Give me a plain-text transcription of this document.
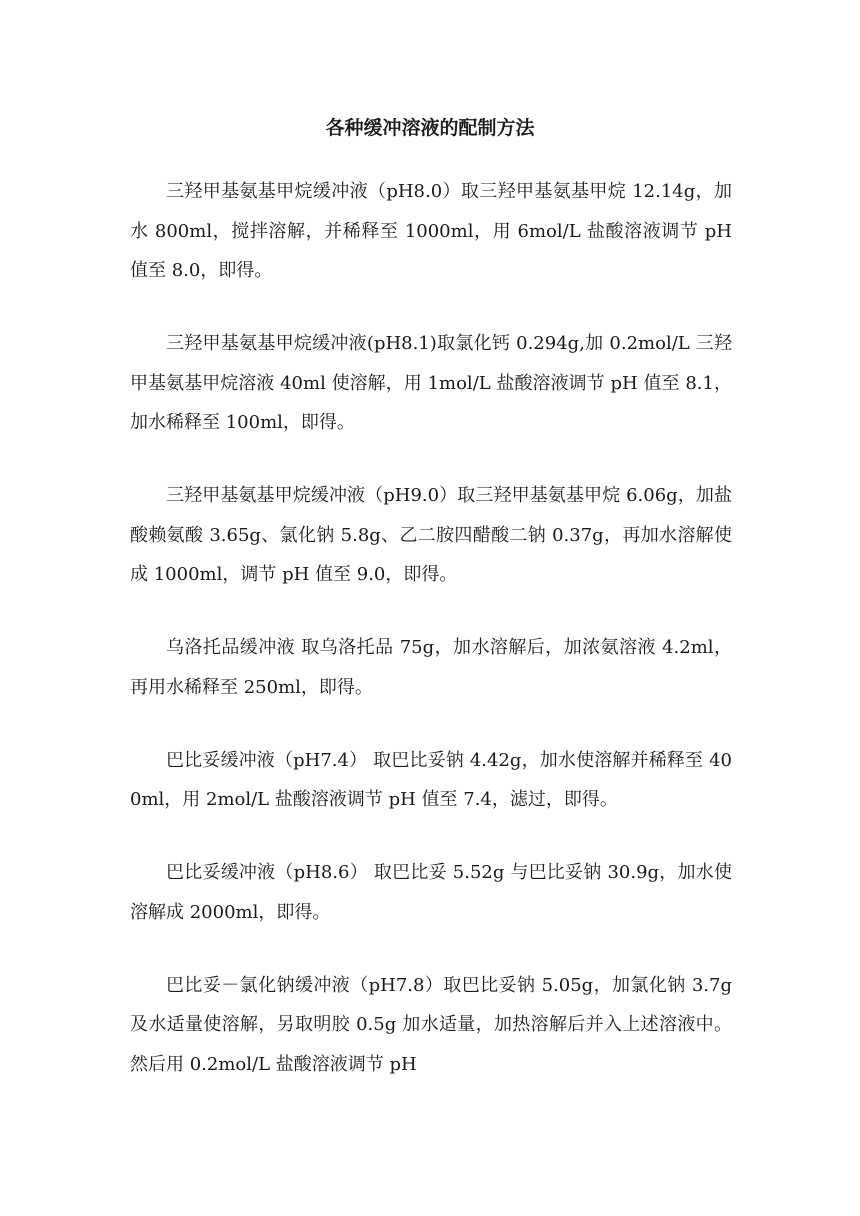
各种缓冲溶液的配制方法

三羟甲基氨基甲烷缓冲液（pH8.0）取三羟甲基氨基甲烷 12.14g，加水 800ml，搅拌溶解，并稀释至 1000ml，用 6mol/L 盐酸溶液调节 pH 值至 8.0，即得。

三羟甲基氨基甲烷缓冲液(pH8.1)取氯化钙 0.294g,加 0.2mol/L 三羟甲基氨基甲烷溶液 40ml 使溶解，用 1mol/L 盐酸溶液调节 pH 值至 8.1，加水稀释至 100ml，即得。

三羟甲基氨基甲烷缓冲液（pH9.0）取三羟甲基氨基甲烷 6.06g，加盐酸赖氨酸 3.65g、氯化钠 5.8g、乙二胺四醋酸二钠 0.37g，再加水溶解使成 1000ml，调节 pH 值至 9.0，即得。

乌洛托品缓冲液 取乌洛托品 75g，加水溶解后，加浓氨溶液 4.2ml，再用水稀释至 250ml，即得。

巴比妥缓冲液（pH7.4） 取巴比妥钠 4.42g，加水使溶解并稀释至 400ml，用 2mol/L 盐酸溶液调节 pH 值至 7.4，滤过，即得。

巴比妥缓冲液（pH8.6） 取巴比妥 5.52g 与巴比妥钠 30.9g，加水使溶解成 2000ml，即得。

巴比妥－氯化钠缓冲液（pH7.8）取巴比妥钠 5.05g，加氯化钠 3.7g 及水适量使溶解，另取明胶 0.5g 加水适量，加热溶解后并入上述溶液中。然后用 0.2mol/L 盐酸溶液调节 pH
